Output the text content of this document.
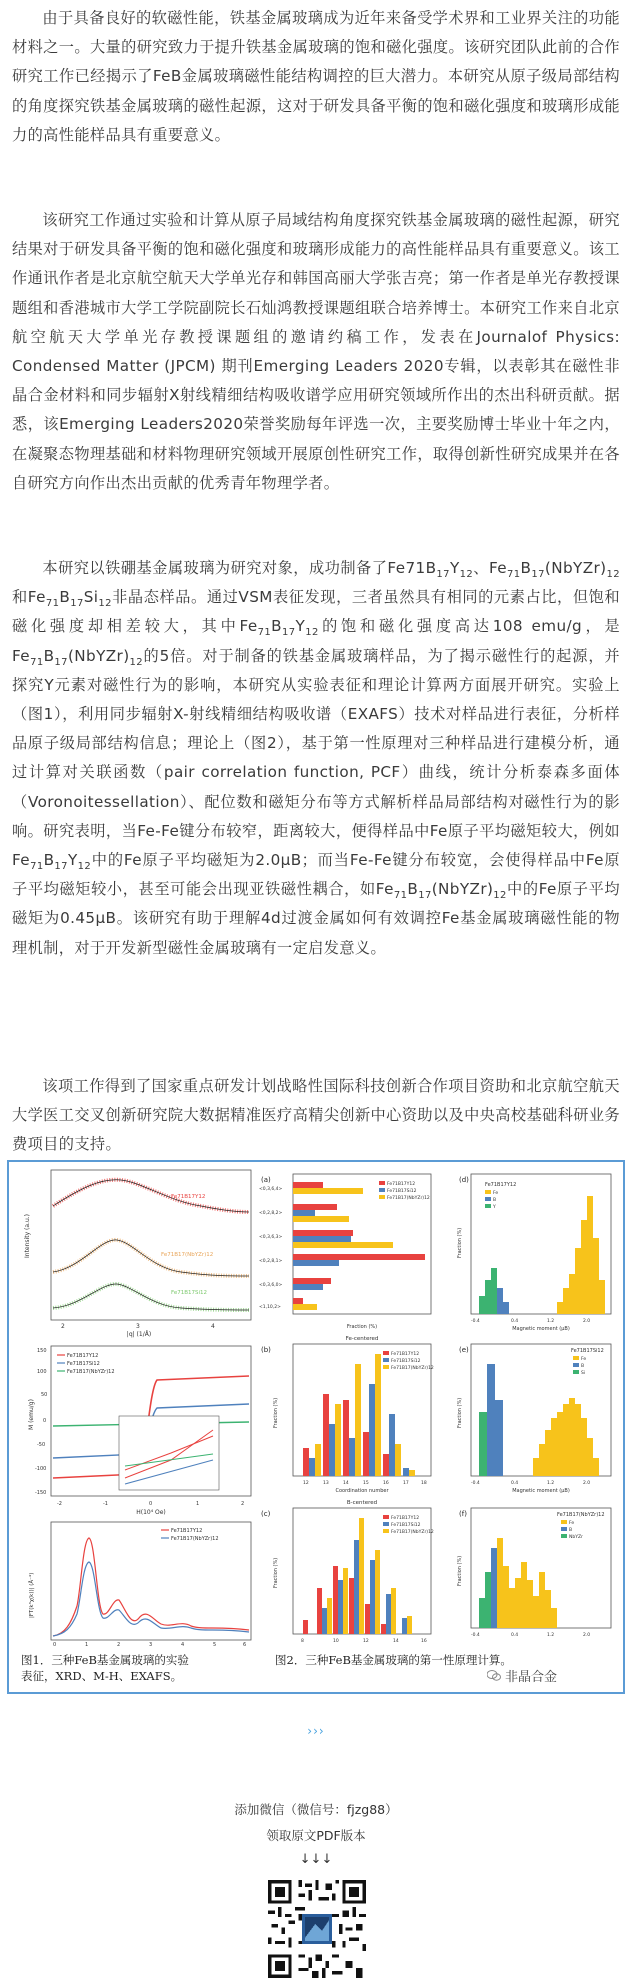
由于具备良好的软磁性能，铁基金属玻璃成为近年来备受学术界和工业界关注的功能材料之一。大量的研究致力于提升铁基金属玻璃的饱和磁化强度。该研究团队此前的合作研究工作已经揭示了FeB金属玻璃磁性能结构调控的巨大潜力。本研究从原子级局部结构的角度探究铁基金属玻璃的磁性起源，这对于研发具备平衡的饱和磁化强度和玻璃形成能力的高性能样品具有重要意义。

该研究工作通过实验和计算从原子局域结构角度探究铁基金属玻璃的磁性起源，研究结果对于研发具备平衡的饱和磁化强度和玻璃形成能力的高性能样品具有重要意义。该工作通讯作者是北京航空航天大学单光存和韩国高丽大学张吉亮；第一作者是单光存教授课题组和香港城市大学工学院副院长石灿鸿教授课题组联合培养博士。本研究工作来自北京航空航天大学单光存教授课题组的邀请约稿工作，发表在Journalof Physics: Condensed Matter (JPCM) 期刊Emerging Leaders 2020专辑，以表彰其在磁性非晶合金材料和同步辐射X射线精细结构吸收谱学应用研究领域所作出的杰出科研贡献。据悉，该Emerging Leaders2020荣誉奖励每年评选一次，主要奖励博士毕业十年之内，在凝聚态物理基础和材料物理研究领域开展原创性研究工作，取得创新性研究成果并在各自研究方向作出杰出贡献的优秀青年物理学者。

本研究以铁硼基金属玻璃为研究对象，成功制备了$Fe71B_{17}Y_{12}$、$Fe_{71}B_{17}(NbYZr)_{12}$和$Fe_{71}B_{17}Si_{12}$非晶态样品。通过VSM表征发现，三者虽然具有相同的元素占比，但饱和磁化强度却相差较大，其中$Fe_{71}B_{17}Y_{12}$的饱和磁化强度高达108 emu/g，是$Fe_{71}B_{17}(NbYZr)_{12}$的5倍。对于制备的铁基金属玻璃样品，为了揭示磁性行的起源，并探究Y元素对磁性行为的影响，本研究从实验表征和理论计算两方面展开研究。实验上（图1），利用同步辐射X-射线精细结构吸收谱（EXAFS）技术对样品进行表征，分析样品原子级局部结构信息；理论上（图2），基于第一性原理对三种样品进行建模分析，通过计算对关联函数（pair correlation function, PCF）曲线，统计分析泰森多面体（Voronoitessellation）、配位数和磁矩分布等方式解析样品局部结构对磁性行为的影响。研究表明，当Fe-Fe键分布较窄，距离较大，便得样品中Fe原子平均磁矩较大，例如$Fe_{71}B_{17}Y_{12}$中的Fe原子平均磁矩为2.0μB；而当Fe-Fe键分布较宽，会使得样品中Fe原子平均磁矩较小，甚至可能会出现亚铁磁性耦合，如$Fe_{71}B_{17}(NbYZr)_{12}$中的Fe原子平均磁矩为0.45μB。该研究有助于理解4d过渡金属如何有效调控Fe基金属玻璃磁性能的物理机制，对于开发新型磁性金属玻璃有一定启发意义。

该项工作得到了国家重点研发计划战略性国际科技创新合作项目资助和北京航空航天大学医工交叉创新研究院大数据精准医疗高精尖创新中心资助以及中央高校基础科研业务费项目的支持。

Intensity (a.u.)
|q| (1/Å)
2	3	4
Fe71B17Y12
Fe71B17(NbYZr)12
Fe71B17Si12
M (emu/g)
H(10⁴ Oe)
150
100
50
0
-50
-100
-150
-2	-1	0	1	2
Fe71B17Y12
Fe71B17Si12
Fe71B17(NbYZr)12
|FT(k³χ(k))| (Å⁻⁴)
0	1	2	3	4	5	6
Fe71B17Y12
Fe71B17(NbYZr)12
(a)
<0,3,6,4>
<0,2,8,2>
<0,3,6,3>
<0,2,8,1>
<0,3,6,0>
<1,10,2>
Fe71B17Y12
Fe71B17Si12
Fe71B17(NbYZr)12
Fraction (%)
(b)
Fe-centered
Fraction (%)
Fe71B17Y12
Fe71B17Si12
Fe71B17(NbYZr)12
12	13	14	15	16	17	18
Coordination number
(c)
B-centered
Fraction (%)
Fe71B17Y12
Fe71B17Si12
Fe71B17(NbYZr)12
8	10	12	14	16
(d)
Fraction (%)
Fe71B17Y12
Fe
B
Y
-0.4	0.4	1.2	2.0
Magnetic moment (μB)
(e)
Fraction (%)
Fe71B17Si12
Fe
B
Si
-0.4	0.4	1.2	2.0
Magnetic moment (μB)
(f)
Fraction (%)
Fe71B17(NbYZr)12
Fe
B
NbYZr
-0.4	0.4	1.2	2.0
图1．三种FeB基金属玻璃的实验
表征，XRD、M-H、EXAFS。
图2．三种FeB基金属玻璃的第一性原理计算。
非晶合金
›››
添加微信（微信号：fjzg88）
领取原文PDF版本
↓↓↓
